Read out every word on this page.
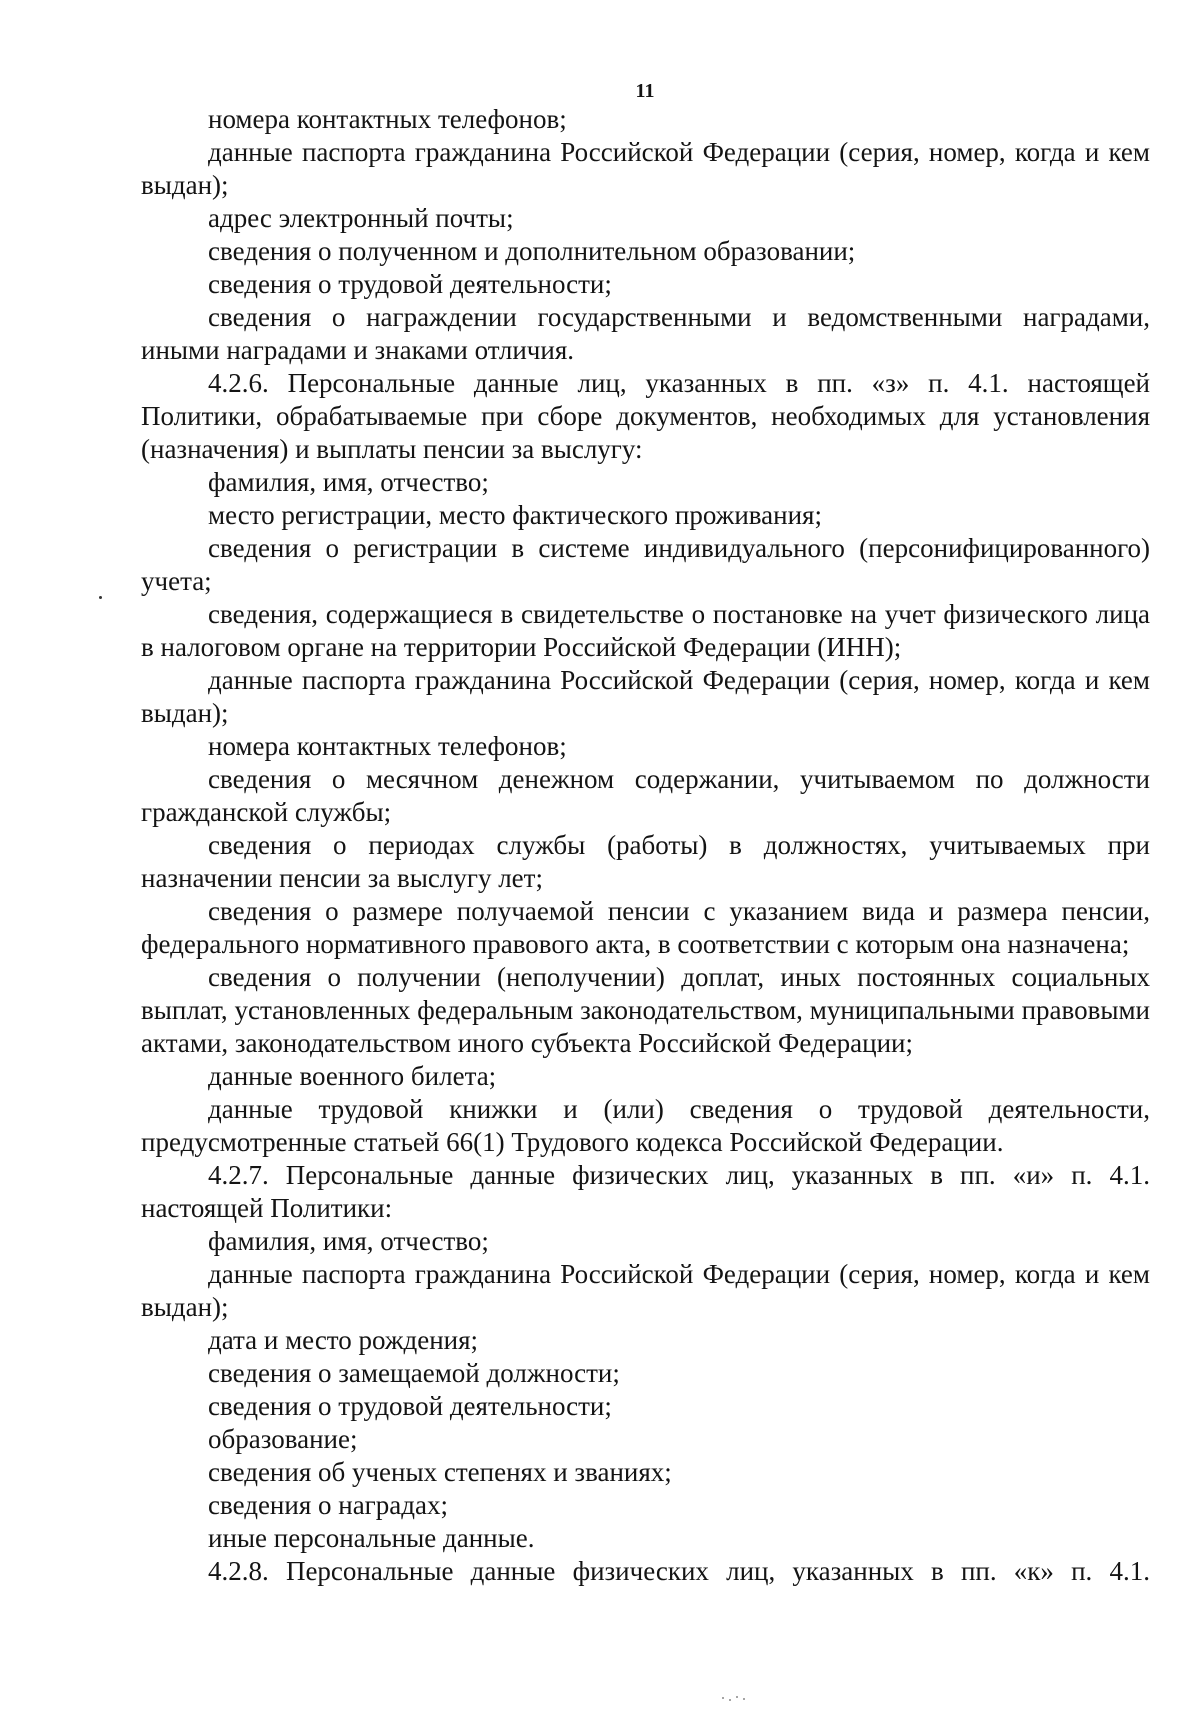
11

номера контактных телефонов;

данные паспорта гражданина Российской Федерации (серия, номер, когда и кем выдан);

адрес электронный почты;

сведения о полученном и дополнительном образовании;

сведения о трудовой деятельности;

сведения о награждении государственными и ведомственными наградами, иными наградами и знаками отличия.

4.2.6. Персональные данные лиц, указанных в пп. «з» п. 4.1. настоящей Политики, обрабатываемые при сборе документов, необходимых для установления (назначения) и выплаты пенсии за выслугу:

фамилия, имя, отчество;

место регистрации, место фактического проживания;

сведения о регистрации в системе индивидуального (персонифицированного) учета;

сведения, содержащиеся в свидетельстве о постановке на учет физического лица в налоговом органе на территории Российской Федерации (ИНН);

данные паспорта гражданина Российской Федерации (серия, номер, когда и кем выдан);

номера контактных телефонов;

сведения о месячном денежном содержании, учитываемом по должности гражданской службы;

сведения о периодах службы (работы) в должностях, учитываемых при назначении пенсии за выслугу лет;

сведения о размере получаемой пенсии с указанием вида и размера пенсии, федерального нормативного правового акта, в соответствии с которым она назначена;

сведения о получении (неполучении) доплат, иных постоянных социальных выплат, установленных федеральным законодательством, муниципальными правовыми актами, законодательством иного субъекта Российской Федерации;

данные военного билета;

данные трудовой книжки и (или) сведения о трудовой деятельности, предусмотренные статьей 66(1) Трудового кодекса Российской Федерации.

4.2.7. Персональные данные физических лиц, указанных в пп. «и» п. 4.1. настоящей Политики:

фамилия, имя, отчество;

данные паспорта гражданина Российской Федерации (серия, номер, когда и кем выдан);

дата и место рождения;

сведения о замещаемой должности;

сведения о трудовой деятельности;

образование;

сведения об ученых степенях и званиях;

сведения о наградах;

иные персональные данные.

4.2.8. Персональные данные физических лиц, указанных в пп. «к» п. 4.1.
